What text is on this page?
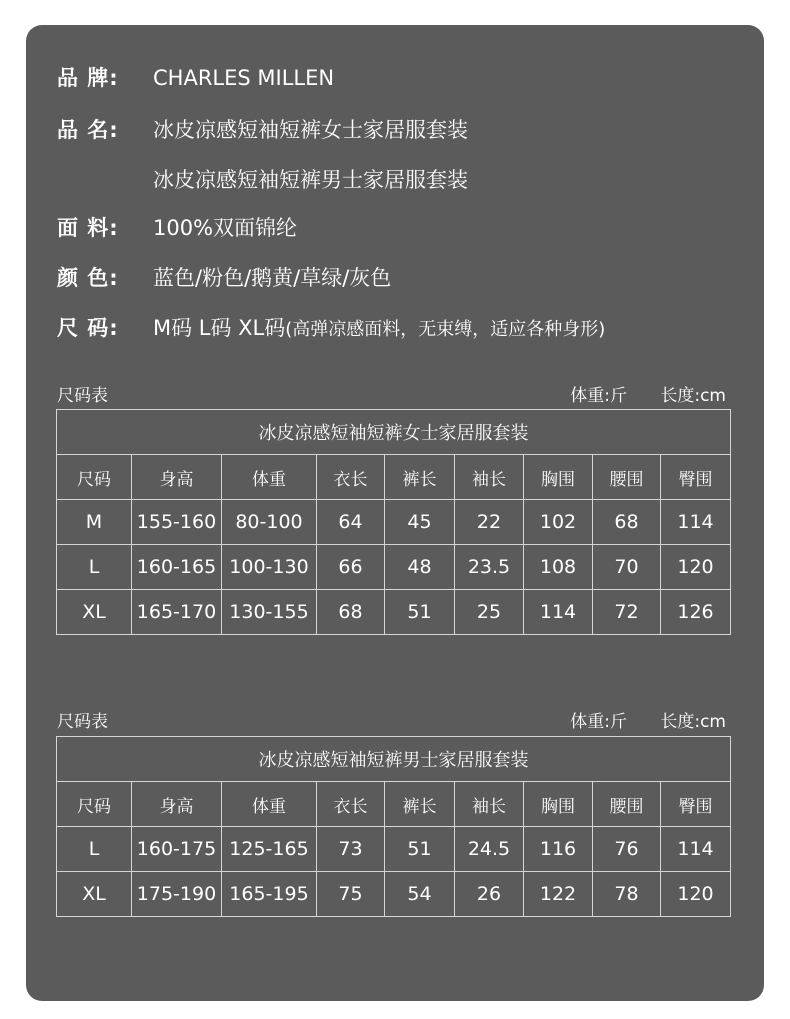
品 牌: CHARLES MILLEN
品 名: 冰皮凉感短袖短裤女士家居服套装
冰皮凉感短袖短裤男士家居服套装
面 料: 100%双面锦纶
颜 色: 蓝色/粉色/鹅黄/草绿/灰色
尺 码: M码 L码 XL码(高弹凉感面料，无束缚，适应各种身形)
尺码表	体重:斤 长度:cm
冰皮凉感短袖短裤女士家居服套装								
尺码	身高	体重	衣长	裤长	袖长	胸围	腰围	臀围
M	155-160	80-100	64	45	22	102	68	114
L	160-165	100-130	66	48	23.5	108	70	120
XL	165-170	130-155	68	51	25	114	72	126
尺码表	体重:斤 长度:cm
冰皮凉感短袖短裤男士家居服套装								
尺码	身高	体重	衣长	裤长	袖长	胸围	腰围	臀围
L	160-175	125-165	73	51	24.5	116	76	114
XL	175-190	165-195	75	54	26	122	78	120
